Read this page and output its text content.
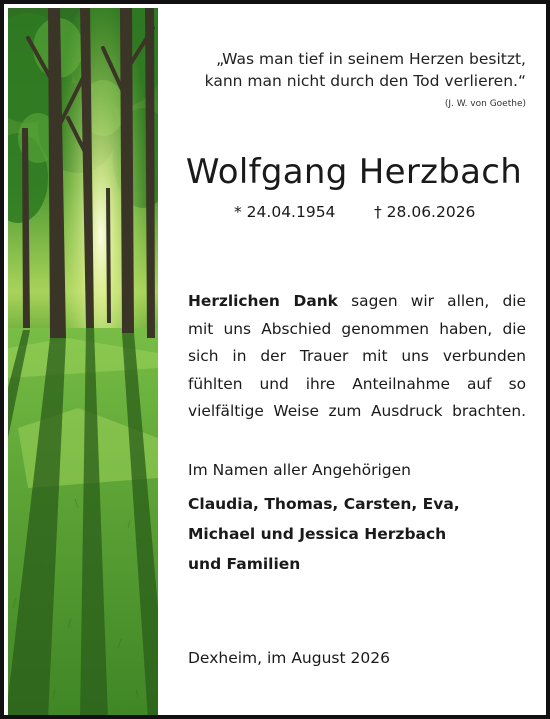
„Was man tief in seinem Herzen besitzt,
kann man nicht durch den Tod verlieren.“
(J. W. von Goethe)
Wolfgang Herzbach
* 24.04.1954 † 28.06.2026
Herzlichen Dank sagen wir allen, die
mit uns Abschied genommen haben, die
sich in der Trauer mit uns verbunden
fühlten und ihre Anteilnahme auf so
vielfältige Weise zum Ausdruck brachten.
Im Namen aller Angehörigen
Claudia, Thomas, Carsten, Eva,
Michael und Jessica Herzbach
und Familien
Dexheim, im August 2026
